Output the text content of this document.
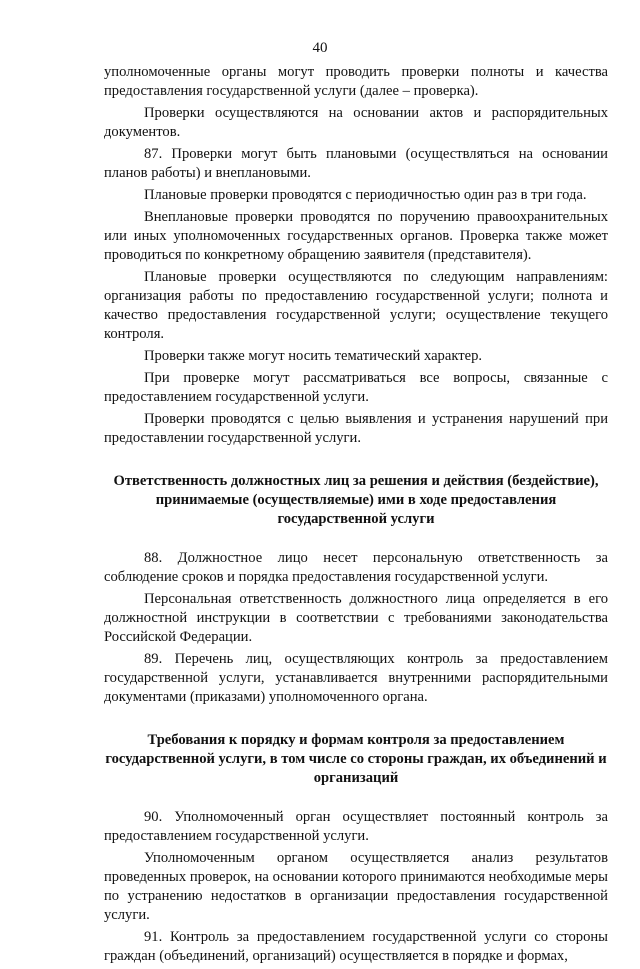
40

уполномоченные органы могут проводить проверки полноты и качества предоставления государственной услуги (далее – проверка).

Проверки осуществляются на основании актов и распорядительных документов.

87. Проверки могут быть плановыми (осуществляться на основании планов работы) и внеплановыми.

Плановые проверки проводятся с периодичностью один раз в три года.

Внеплановые проверки проводятся по поручению правоохранительных или иных уполномоченных государственных органов. Проверка также может проводиться по конкретному обращению заявителя (представителя).

Плановые проверки осуществляются по следующим направлениям: организация работы по предоставлению государственной услуги; полнота и качество предоставления государственной услуги; осуществление текущего контроля.

Проверки также могут носить тематический характер.

При проверке могут рассматриваться все вопросы, связанные с предоставлением государственной услуги.

Проверки проводятся с целью выявления и устранения нарушений при предоставлении государственной услуги.

Ответственность должностных лиц за решения и действия (бездействие), принимаемые (осуществляемые) ими в ходе предоставления государственной услуги

88. Должностное лицо несет персональную ответственность за соблюдение сроков и порядка предоставления государственной услуги.

Персональная ответственность должностного лица определяется в его должностной инструкции в соответствии с требованиями законодательства Российской Федерации.

89. Перечень лиц, осуществляющих контроль за предоставлением государственной услуги, устанавливается внутренними распорядительными документами (приказами) уполномоченного органа.

Требования к порядку и формам контроля за предоставлением государственной услуги, в том числе со стороны граждан, их объединений и организаций

90. Уполномоченный орган осуществляет постоянный контроль за предоставлением государственной услуги.

Уполномоченным органом осуществляется анализ результатов проведенных проверок, на основании которого принимаются необходимые меры по устранению недостатков в организации предоставления государственной услуги.

91. Контроль за предоставлением государственной услуги со стороны граждан (объединений, организаций) осуществляется в порядке и формах,
